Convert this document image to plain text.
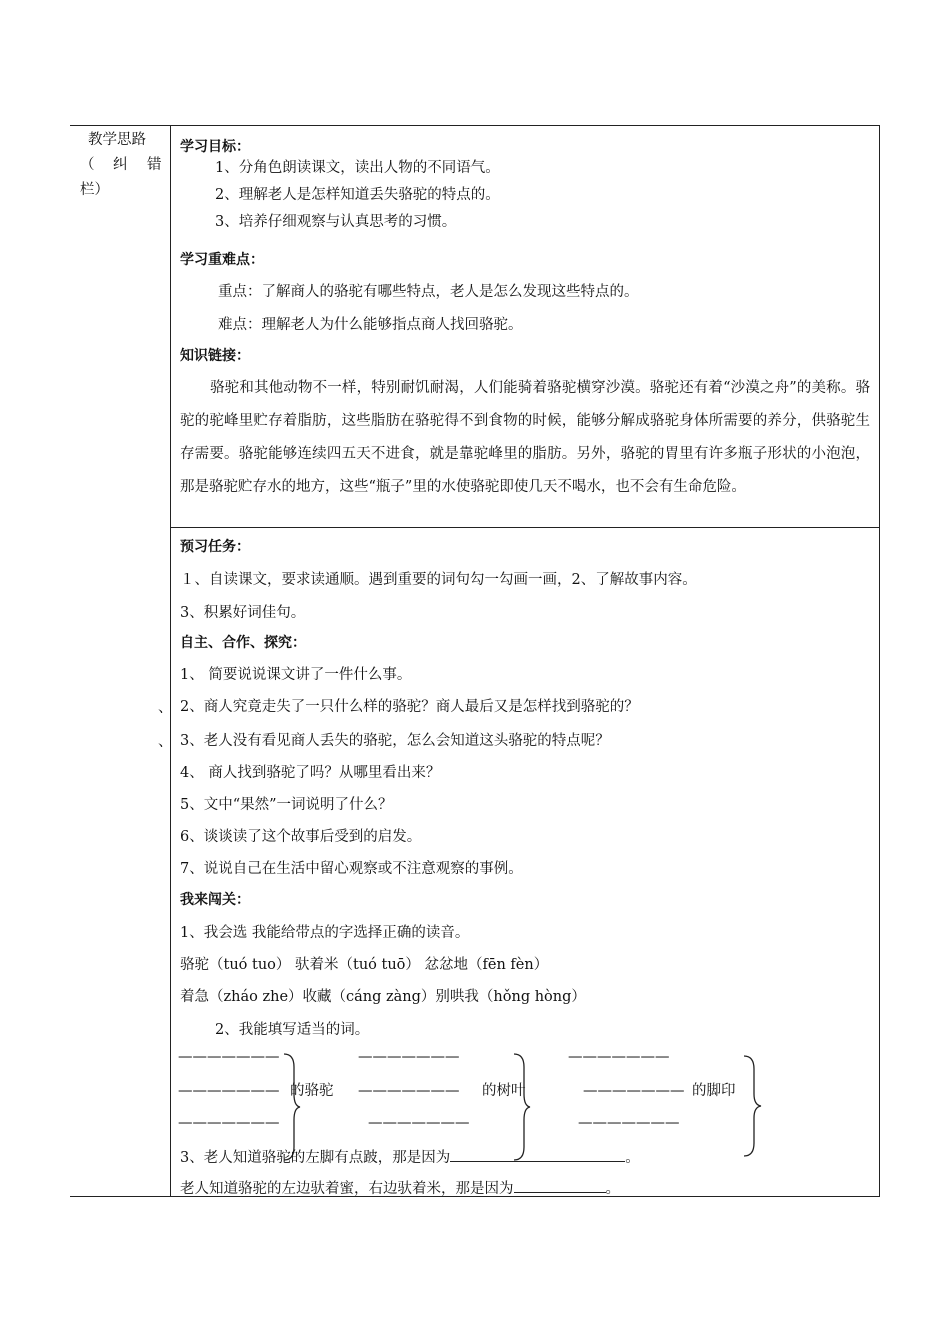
教学思路
（ 纠 错
栏）
、
、
学习目标：
1、分角色朗读课文，读出人物的不同语气。
2、理解老人是怎样知道丢失骆驼的特点的。
3、培养仔细观察与认真思考的习惯。
学习重难点：
重点：了解商人的骆驼有哪些特点，老人是怎么发现这些特点的。
难点：理解老人为什么能够指点商人找回骆驼。
知识链接：
骆驼和其他动物不一样，特别耐饥耐渴，人们能骑着骆驼横穿沙漠。骆驼还有着“沙漠之舟”的美称。骆驼的驼峰里贮存着脂肪，这些脂肪在骆驼得不到食物的时候，能够分解成骆驼身体所需要的养分，供骆驼生存需要。骆驼能够连续四五天不进食，就是靠驼峰里的脂肪。另外，骆驼的胃里有许多瓶子形状的小泡泡，那是骆驼贮存水的地方，这些“瓶子”里的水使骆驼即使几天不喝水，也不会有生命危险。
预习任务：
１、自读课文，要求读通顺。遇到重要的词句勾一勾画一画，2、了解故事内容。
3、积累好词佳句。
自主、合作、探究：
1、 简要说说课文讲了一件什么事。
2、商人究竟走失了一只什么样的骆驼？商人最后又是怎样找到骆驼的？
3、老人没有看见商人丢失的骆驼，怎么会知道这头骆驼的特点呢？
4、 商人找到骆驼了吗？从哪里看出来？
5、文中“果然”一词说明了什么？
6、谈谈读了这个故事后受到的启发。
7、说说自己在生活中留心观察或不注意观察的事例。
我来闯关：
1、我会选 我能给带点的字选择正确的读音。
骆驼（tuó tuo） 驮着米（tuó tuō） 忿忿地（fēn fèn）
着急（zháo zhe）收藏（cáng zàng）别哄我（hǒng hòng）
2、我能填写适当的词。
———————	———————	———————
———————	———————	———————
———————	———————	———————
的骆驼	的树叶	的脚印
3、老人知道骆驼的左脚有点跛，那是因为	。
老人知道骆驼的左边驮着蜜，右边驮着米，那是因为	。
